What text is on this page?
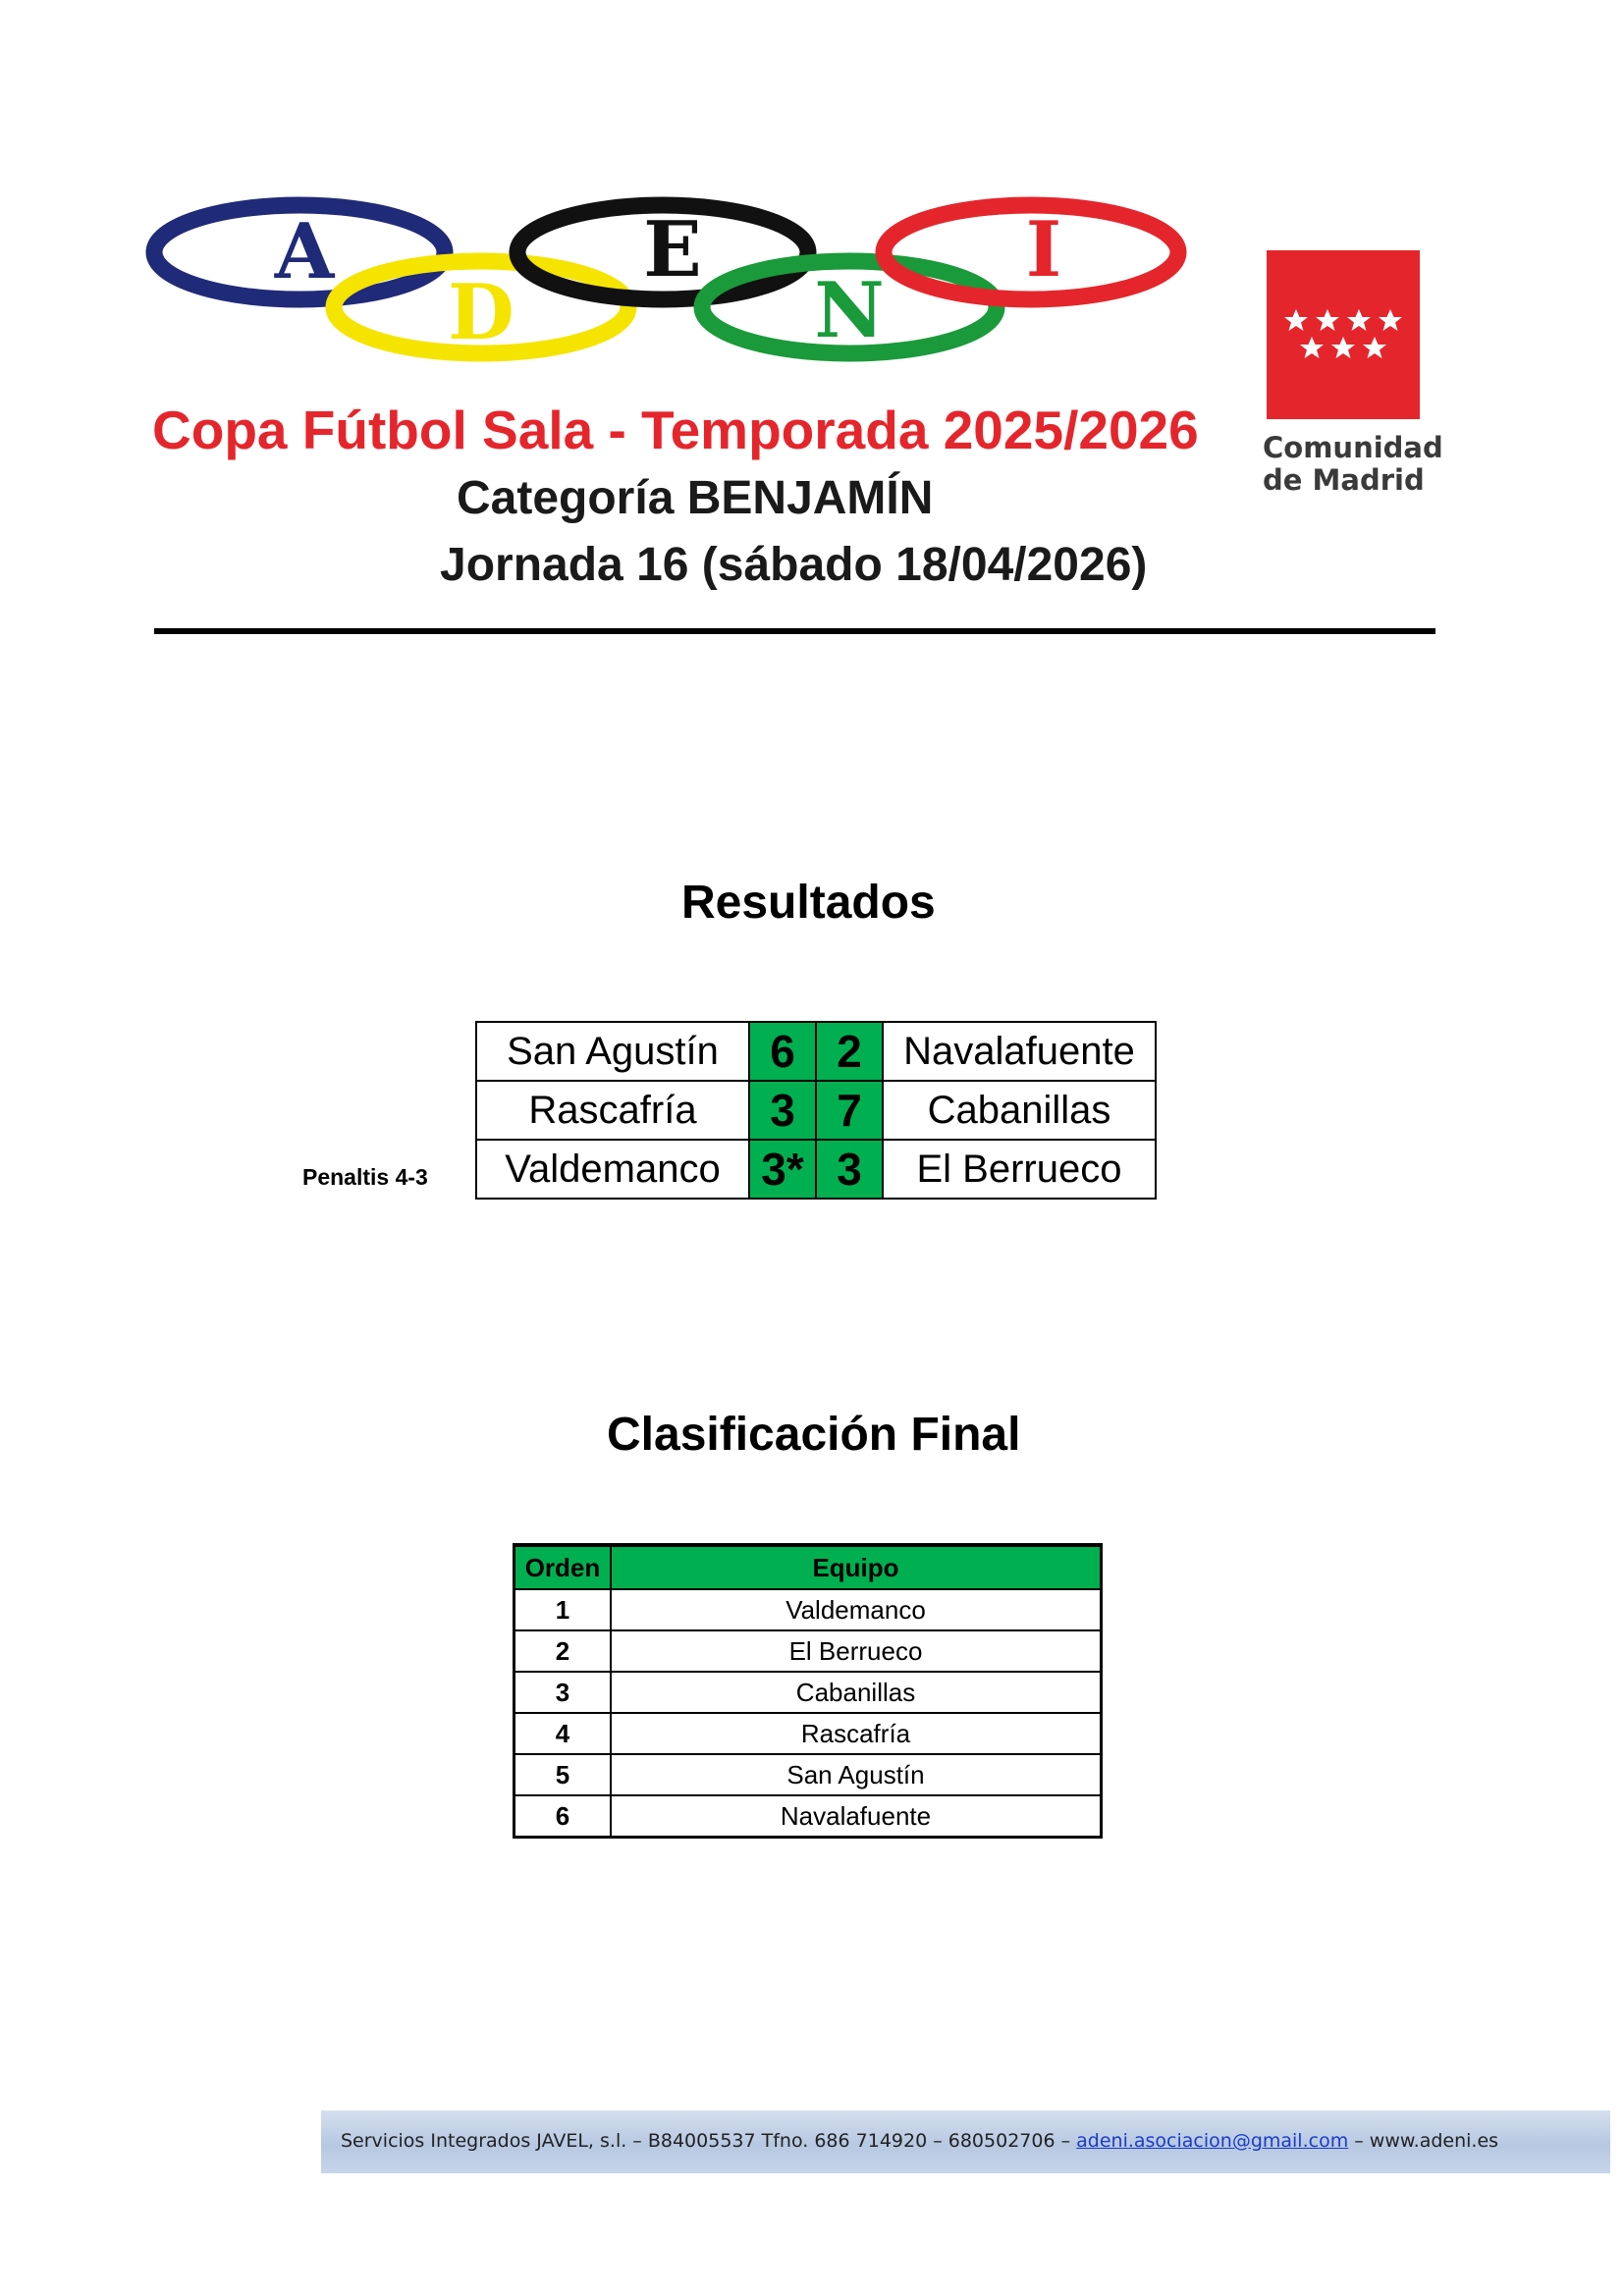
A
D
E
N
I
Comunidad
de Madrid
Copa Fútbol Sala - Temporada 2025/2026
Categoría BENJAMÍN
Jornada 16 (sábado 18/04/2026)
Resultados
San Agustín	6	2	Navalafuente
Rascafría	3	7	Cabanillas
Valdemanco	3*	3	El Berrueco
Penaltis 4-3
Clasificación Final
Orden	Equipo
1	Valdemanco
2	El Berrueco
3	Cabanillas
4	Rascafría
5	San Agustín
6	Navalafuente
Servicios Integrados JAVEL, s.l. – B84005537 Tfno. 686 714920 – 680502706 – adeni.asociacion@gmail.com – www.adeni.es
